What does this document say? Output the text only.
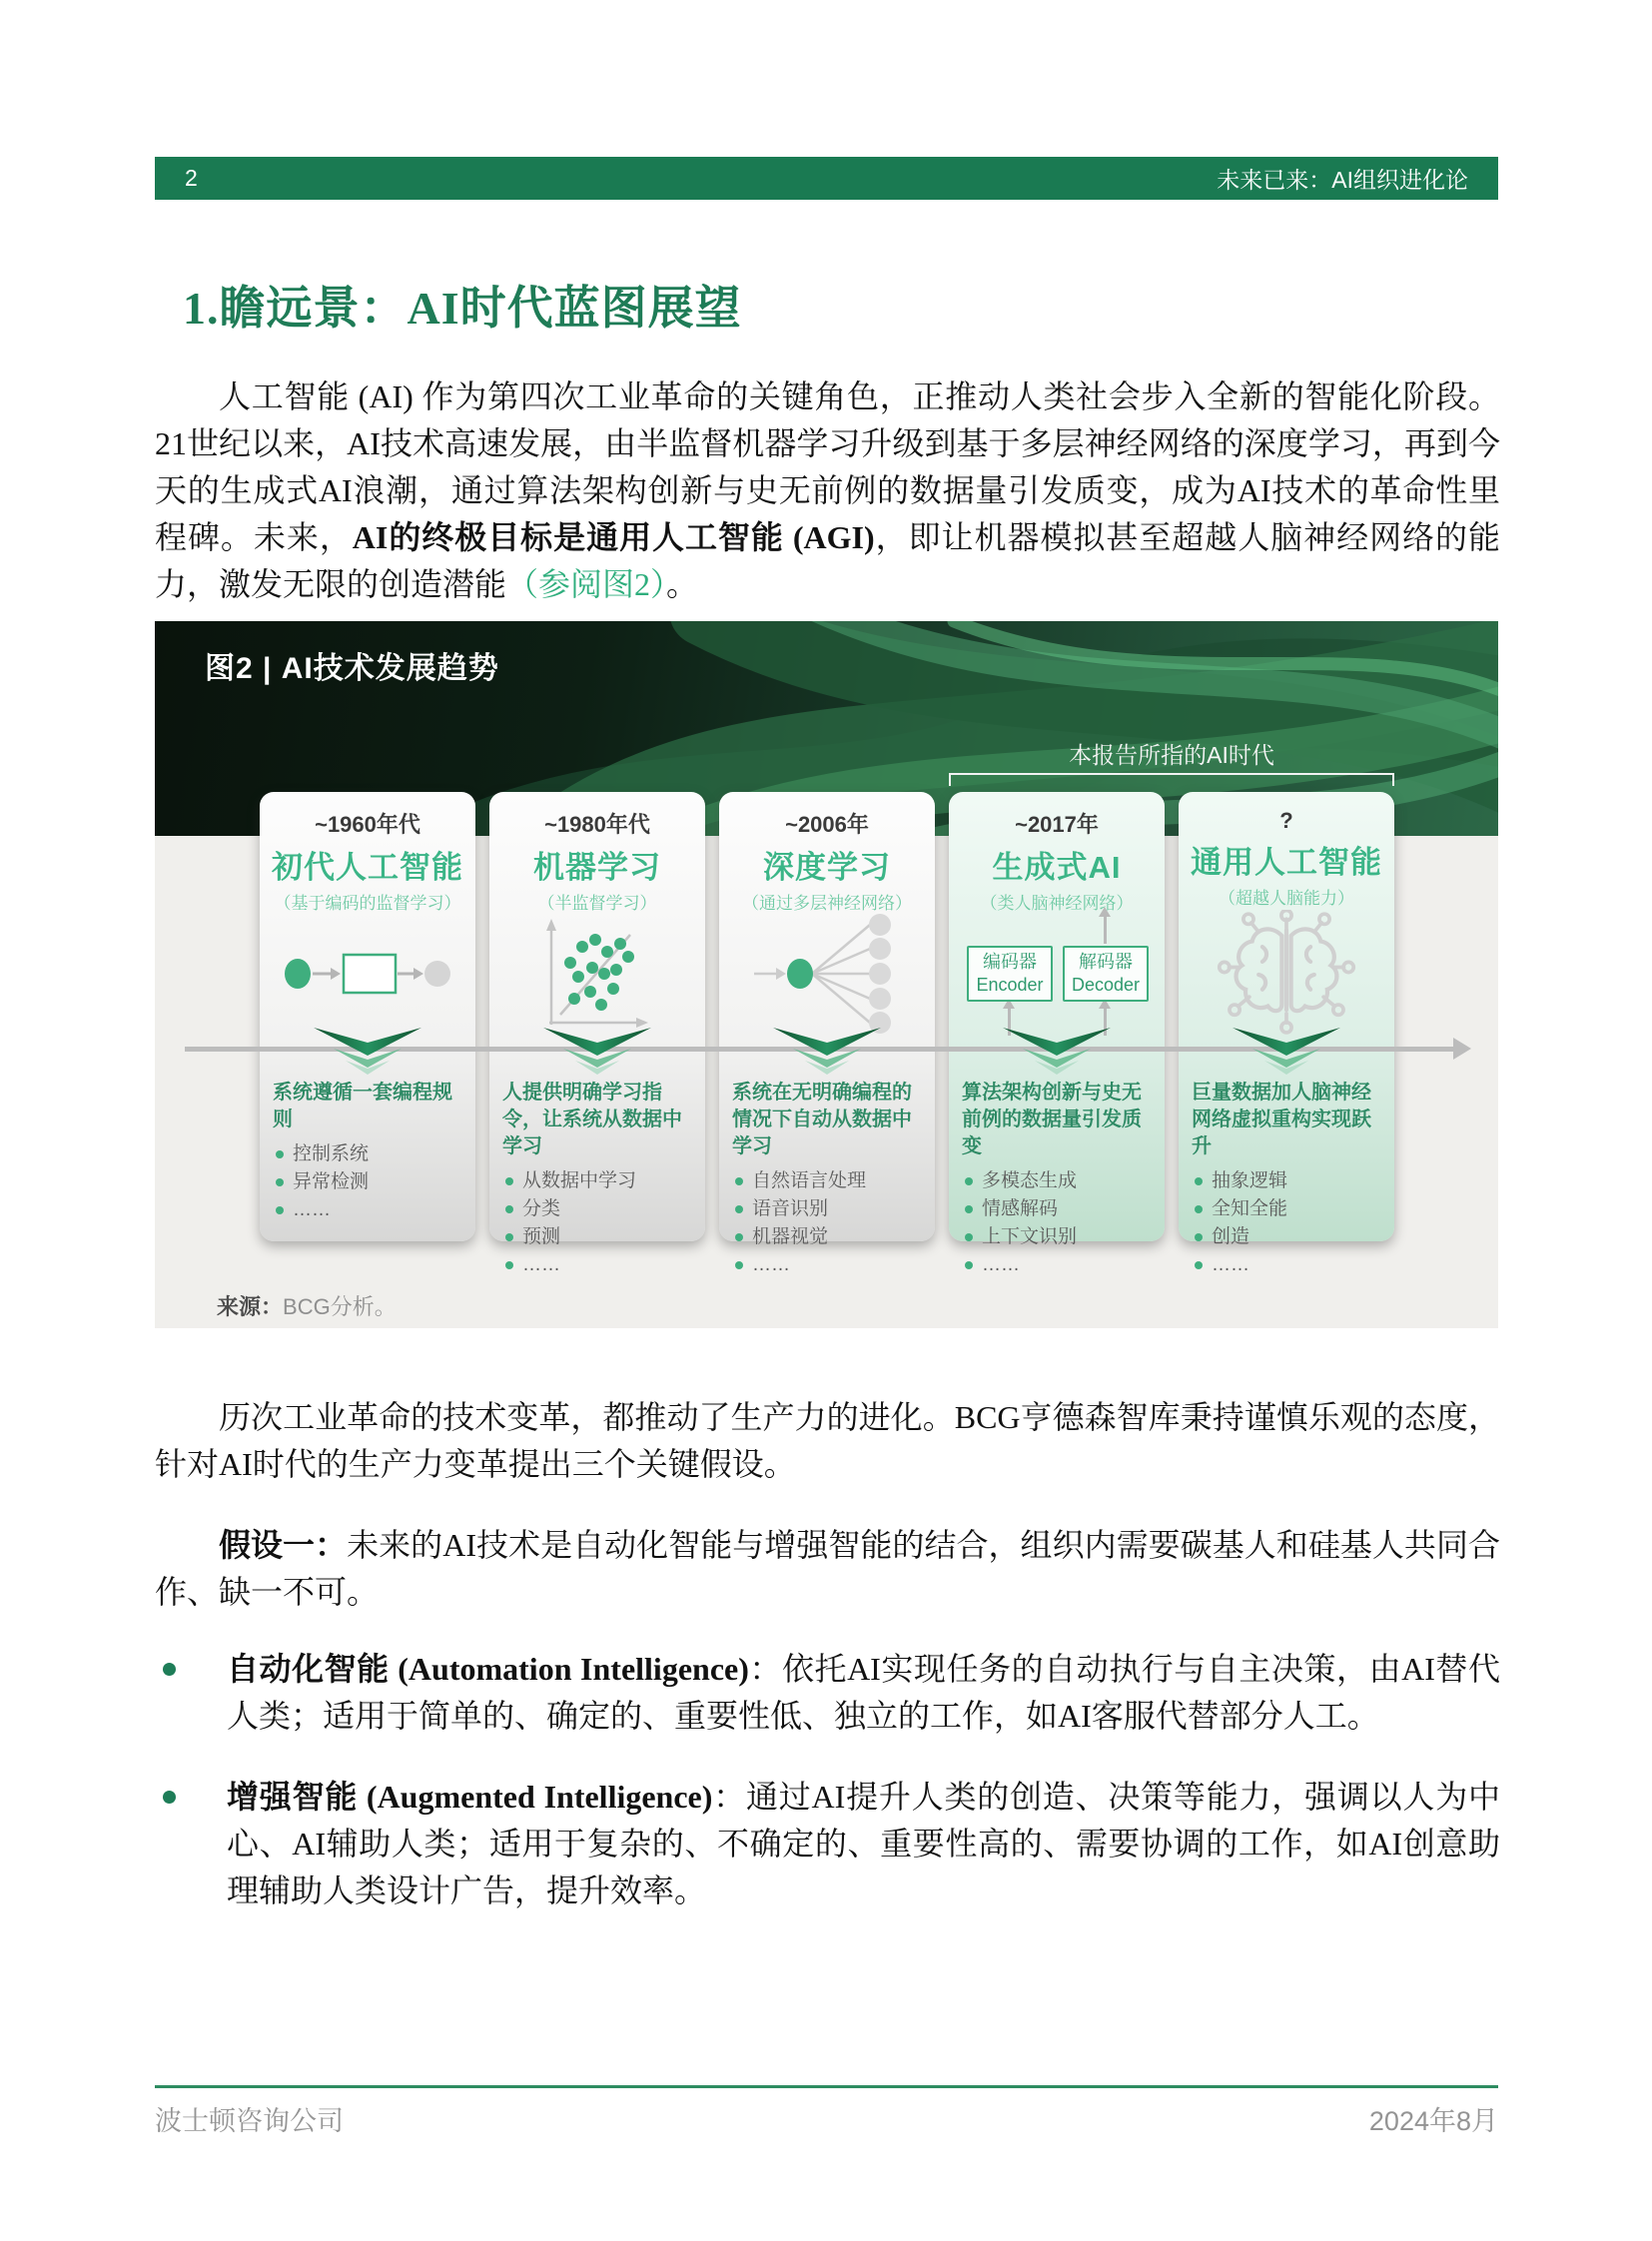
2	未来已来：AI组织进化论
1.瞻远景：AI时代蓝图展望

人工智能 (AI) 作为第四次工业革命的关键角色，正推动人类社会步入全新的智能化阶段。21世纪以来，AI技术高速发展，由半监督机器学习升级到基于多层神经网络的深度学习，再到今天的生成式AI浪潮，通过算法架构创新与史无前例的数据量引发质变，成为AI技术的革命性里程碑。未来，AI的终极目标是通用人工智能 (AGI)，即让机器模拟甚至超越人脑神经网络的能力，激发无限的创造潜能（参阅图2）。

图2 | AI技术发展趋势
本报告所指的AI时代
~1960年代
初代人工智能
（基于编码的监督学习）
系统遵循一套编程规则
控制系统
异常检测
……
~1980年代
机器学习
（半监督学习）
人提供明确学习指令，让系统从数据中学习
从数据中学习
分类
预测
……
~2006年
深度学习
（通过多层神经网络）
系统在无明确编程的情况下自动从数据中学习
自然语言处理
语音识别
机器视觉
……
~2017年
生成式AI
（类人脑神经网络）
编码器
Encoder
解码器
Decoder
算法架构创新与史无前例的数据量引发质变
多模态生成
情感解码
上下文识别
……
?
通用人工智能
（超越人脑能力）
巨量数据加人脑神经网络虚拟重构实现跃升
抽象逻辑
全知全能
创造
……
来源：BCG分析。

历次工业革命的技术变革，都推动了生产力的进化。BCG亨德森智库秉持谨慎乐观的态度，针对AI时代的生产力变革提出三个关键假设。

假设一：未来的AI技术是自动化智能与增强智能的结合，组织内需要碳基人和硅基人共同合作、缺一不可。

自动化智能 (Automation Intelligence)：依托AI实现任务的自动执行与自主决策，由AI替代人类；适用于简单的、确定的、重要性低、独立的工作，如AI客服代替部分人工。
增强智能 (Augmented Intelligence)：通过AI提升人类的创造、决策等能力，强调以人为中心、AI辅助人类；适用于复杂的、不确定的、重要性高的、需要协调的工作，如AI创意助理辅助人类设计广告，提升效率。
波士顿咨询公司	2024年8月
